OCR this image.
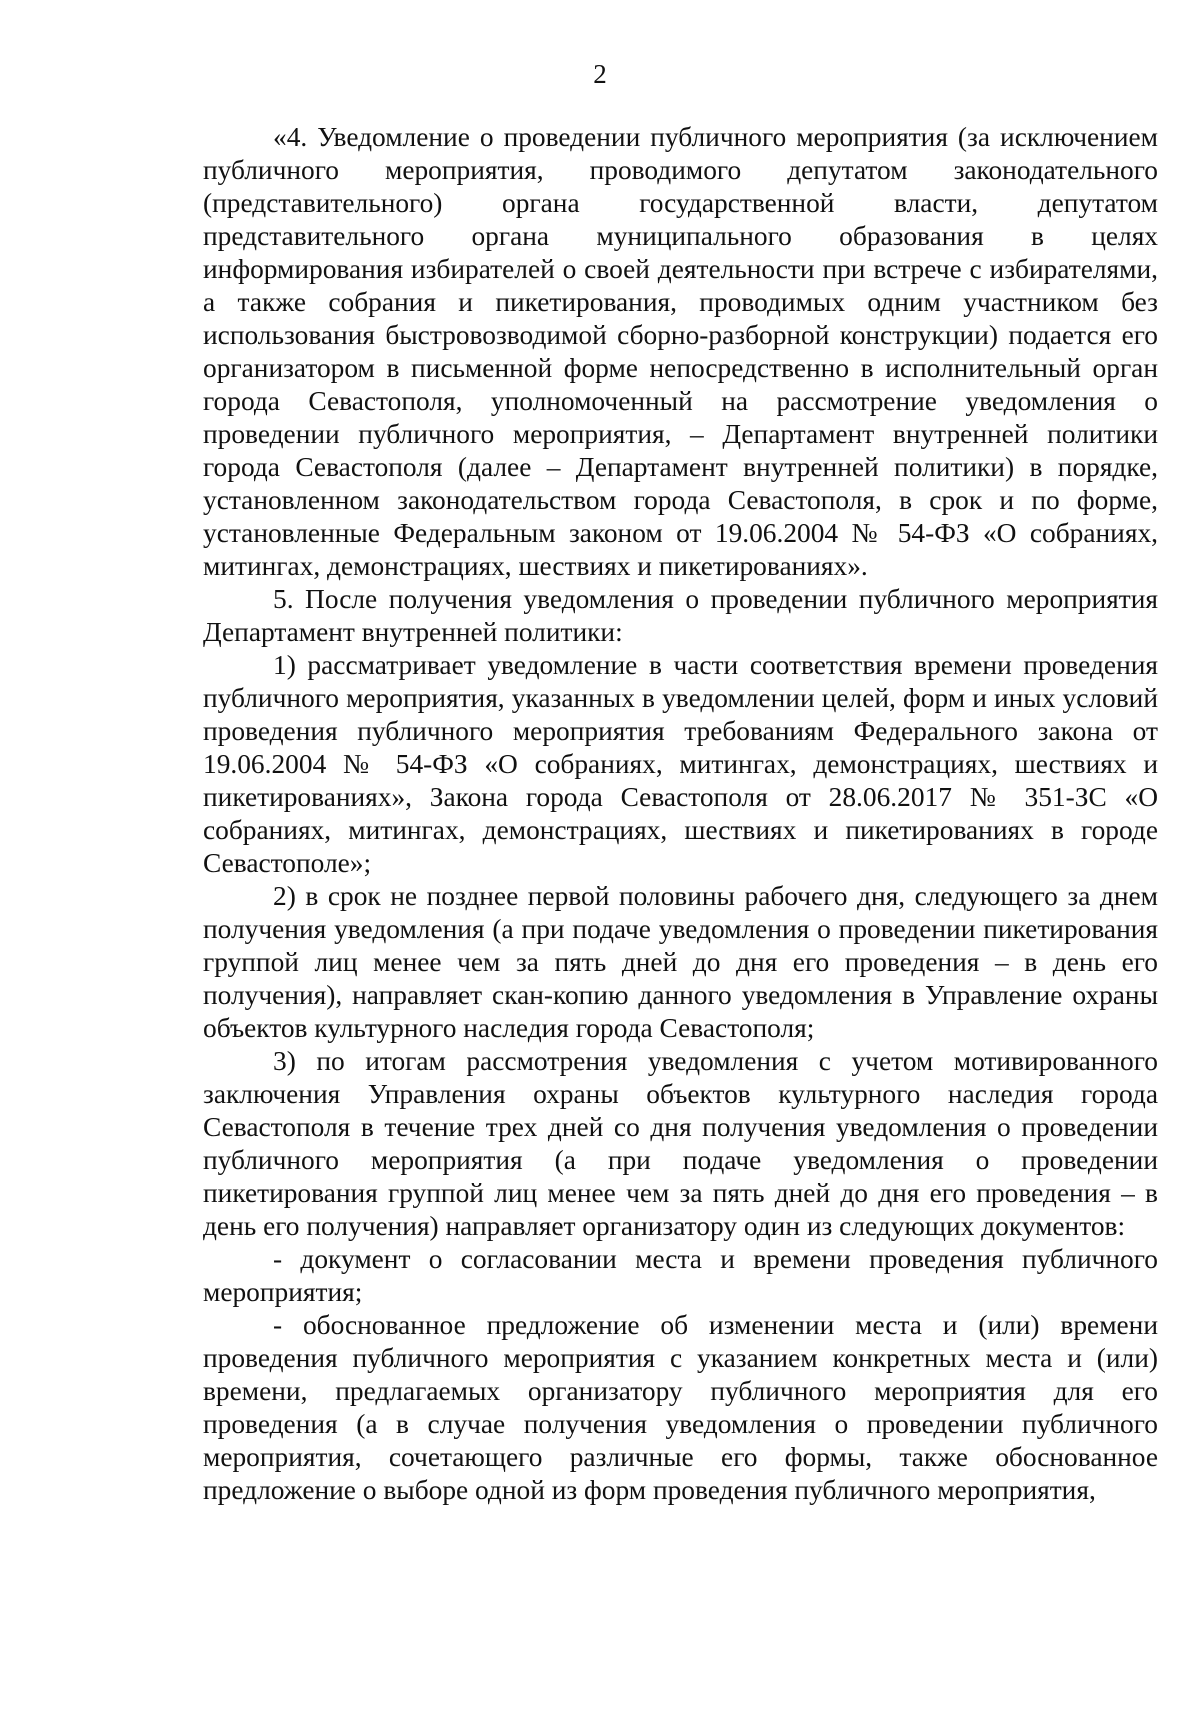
2

«4. Уведомление о проведении публичного мероприятия (за исключением публичного мероприятия, проводимого депутатом законодательного (представительного) органа государственной власти, депутатом представительного органа муниципального образования в целях информирования избирателей о своей деятельности при встрече с избирателями, а также собрания и пикетирования, проводимых одним участником без использования быстровозводимой сборно-разборной конструкции) подается его организатором в письменной форме непосредственно в исполнительный орган города Севастополя, уполномоченный на рассмотрение уведомления о проведении публичного мероприятия, – Департамент внутренней политики города Севастополя (далее – Департамент внутренней политики) в порядке, установленном законодательством города Севастополя, в срок и по форме, установленные Федеральным законом от 19.06.2004 № 54-ФЗ «О собраниях, митингах, демонстрациях, шествиях и пикетированиях».

5. После получения уведомления о проведении публичного мероприятия Департамент внутренней политики:

1) рассматривает уведомление в части соответствия времени проведения публичного мероприятия, указанных в уведомлении целей, форм и иных условий проведения публичного мероприятия требованиям Федерального закона от 19.06.2004 № 54-ФЗ «О собраниях, митингах, демонстрациях, шествиях и пикетированиях», Закона города Севастополя от 28.06.2017 № 351-ЗС «О собраниях, митингах, демонстрациях, шествиях и пикетированиях в городе Севастополе»;

2) в срок не позднее первой половины рабочего дня, следующего за днем получения уведомления (а при подаче уведомления о проведении пикетирования группой лиц менее чем за пять дней до дня его проведения – в день его получения), направляет скан-копию данного уведомления в Управление охраны объектов культурного наследия города Севастополя;

3) по итогам рассмотрения уведомления с учетом мотивированного заключения Управления охраны объектов культурного наследия города Севастополя в течение трех дней со дня получения уведомления о проведении публичного мероприятия (а при подаче уведомления о проведении пикетирования группой лиц менее чем за пять дней до дня его проведения – в день его получения) направляет организатору один из следующих документов:

- документ о согласовании места и времени проведения публичного мероприятия;

- обоснованное предложение об изменении места и (или) времени проведения публичного мероприятия с указанием конкретных места и (или) времени, предлагаемых организатору публичного мероприятия для его проведения (а в случае получения уведомления о проведении публичного мероприятия, сочетающего различные его формы, также обоснованное предложение о выборе одной из форм проведения публичного мероприятия,
